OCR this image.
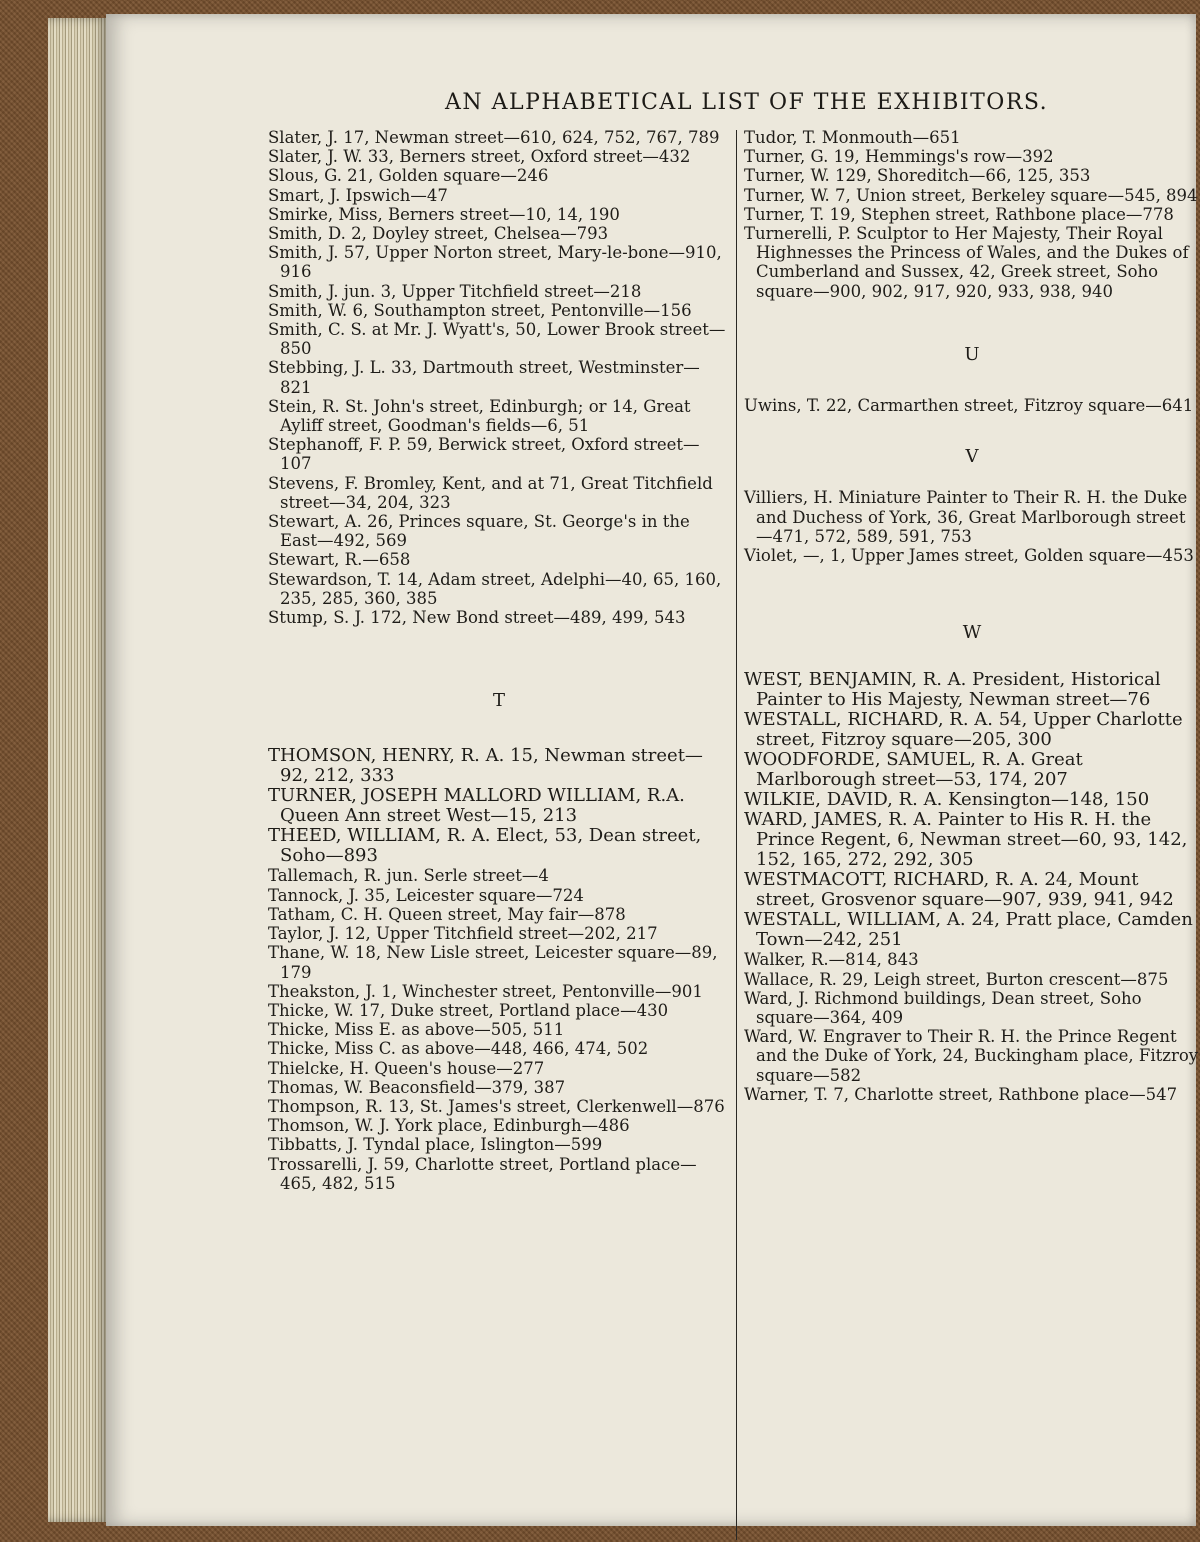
AN ALPHABETICAL LIST OF THE EXHIBITORS.

Slater, J. 17, Newman street—610, 624, 752, 767, 789

Slater, J. W. 33, Berners street, Oxford street—432

Slous, G. 21, Golden square—246

Smart, J. Ipswich—47

Smirke, Miss, Berners street—10, 14, 190

Smith, D. 2, Doyley street, Chelsea—793

Smith, J. 57, Upper Norton street, Mary-le-bone—910, 916

Smith, J. jun. 3, Upper Titchfield street—218

Smith, W. 6, Southampton street, Pentonville—156

Smith, C. S. at Mr. J. Wyatt's, 50, Lower Brook street—850

Stebbing, J. L. 33, Dartmouth street, Westminster—821

Stein, R. St. John's street, Edinburgh; or 14, Great Ayliff street, Goodman's fields—6, 51

Stephanoff, F. P. 59, Berwick street, Oxford street—107

Stevens, F. Bromley, Kent, and at 71, Great Titchfield street—34, 204, 323

Stewart, A. 26, Princes square, St. George's in the East—492, 569

Stewart, R.—658

Stewardson, T. 14, Adam street, Adelphi—40, 65, 160, 235, 285, 360, 385

Stump, S. J. 172, New Bond street—489, 499, 543

T

THOMSON, HENRY, R. A. 15, Newman street—92, 212, 333

TURNER, JOSEPH MALLORD WILLIAM, R.A. Queen Ann street West—15, 213

THEED, WILLIAM, R. A. Elect, 53, Dean street, Soho—893

Tallemach, R. jun. Serle street—4

Tannock, J. 35, Leicester square—724

Tatham, C. H. Queen street, May fair—878

Taylor, J. 12, Upper Titchfield street—202, 217

Thane, W. 18, New Lisle street, Leicester square—89, 179

Theakston, J. 1, Winchester street, Pentonville—901

Thicke, W. 17, Duke street, Portland place—430

Thicke, Miss E. as above—505, 511

Thicke, Miss C. as above—448, 466, 474, 502

Thielcke, H. Queen's house—277

Thomas, W. Beaconsfield—379, 387

Thompson, R. 13, St. James's street, Clerkenwell—876

Thomson, W. J. York place, Edinburgh—486

Tibbatts, J. Tyndal place, Islington—599

Trossarelli, J. 59, Charlotte street, Portland place—465, 482, 515

Tudor, T. Monmouth—651

Turner, G. 19, Hemmings's row—392

Turner, W. 129, Shoreditch—66, 125, 353

Turner, W. 7, Union street, Berkeley square—545, 894

Turner, T. 19, Stephen street, Rathbone place—778

Turnerelli, P. Sculptor to Her Majesty, Their Royal Highnesses the Princess of Wales, and the Dukes of Cumberland and Sussex, 42, Greek street, Soho square—900, 902, 917, 920, 933, 938, 940

U

Uwins, T. 22, Carmarthen street, Fitzroy square—641

V

Villiers, H. Miniature Painter to Their R. H. the Duke and Duchess of York, 36, Great Marlborough street—471, 572, 589, 591, 753

Violet, —, 1, Upper James street, Golden square—453

W

WEST, BENJAMIN, R. A. President, Historical Painter to His Majesty, Newman street—76

WESTALL, RICHARD, R. A. 54, Upper Charlotte street, Fitzroy square—205, 300

WOODFORDE, SAMUEL, R. A. Great Marlborough street—53, 174, 207

WILKIE, DAVID, R. A. Kensington—148, 150

WARD, JAMES, R. A. Painter to His R. H. the Prince Regent, 6, Newman street—60, 93, 142, 152, 165, 272, 292, 305

WESTMACOTT, RICHARD, R. A. 24, Mount street, Grosvenor square—907, 939, 941, 942

WESTALL, WILLIAM, A. 24, Pratt place, Camden Town—242, 251

Walker, R.—814, 843

Wallace, R. 29, Leigh street, Burton crescent—875

Ward, J. Richmond buildings, Dean street, Soho square—364, 409

Ward, W. Engraver to Their R. H. the Prince Regent and the Duke of York, 24, Buckingham place, Fitzroy square—582

Warner, T. 7, Charlotte street, Rathbone place—547
